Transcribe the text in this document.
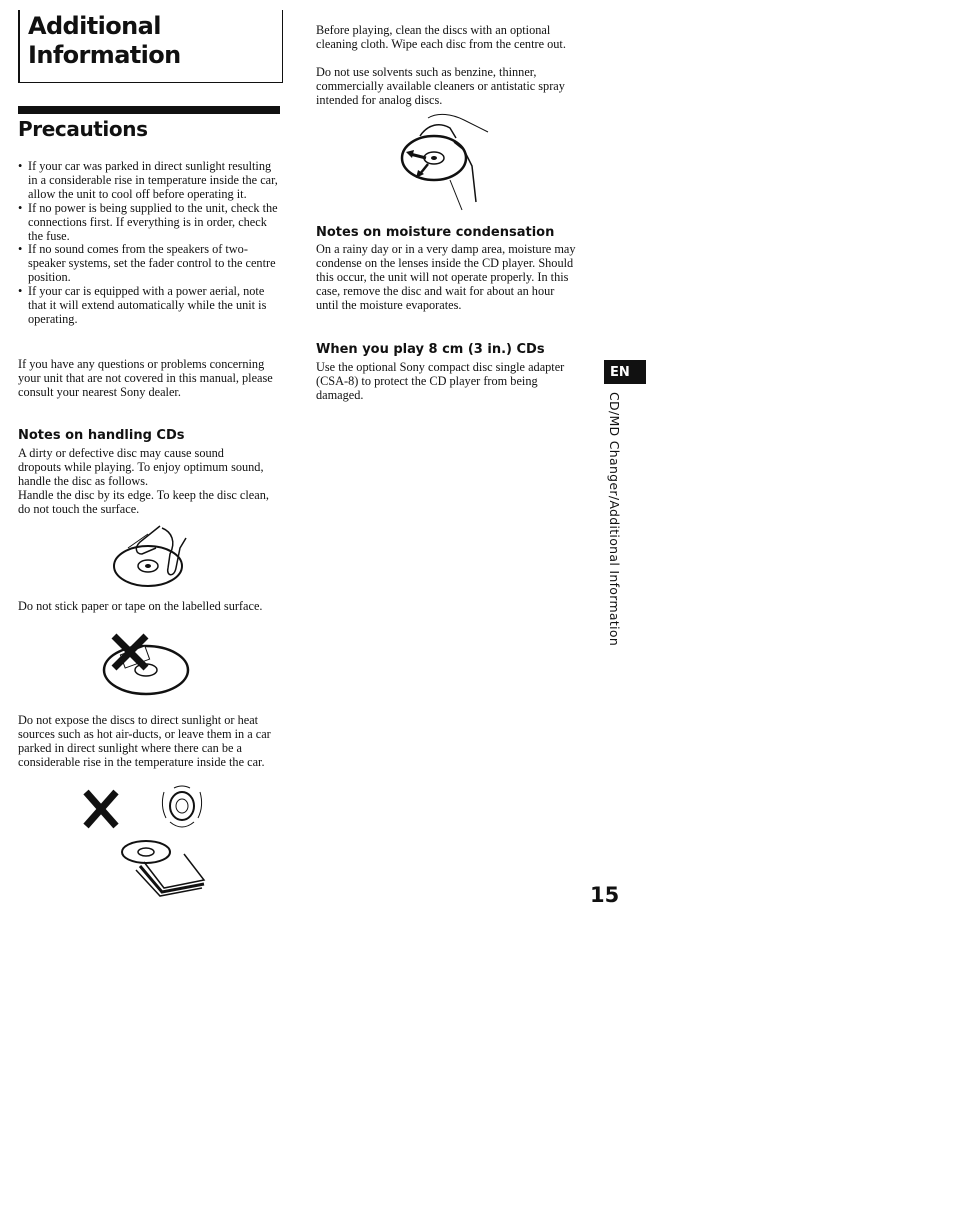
Additional
Information
Precautions
• If your car was parked in direct sunlight resulting in a considerable rise in temperature inside the car, allow the unit to cool off before operating it.
• If no power is being supplied to the unit, check the connections first. If everything is in order, check the fuse.
• If no sound comes from the speakers of two-speaker systems, set the fader control to the centre position.
• If your car is equipped with a power aerial, note that it will extend automatically while the unit is operating.

If you have any questions or problems concerning your unit that are not covered in this manual, please consult your nearest Sony dealer.

Notes on handling CDs

A dirty or defective disc may cause sound dropouts while playing. To enjoy optimum sound, handle the disc as follows.

Handle the disc by its edge. To keep the disc clean, do not touch the surface.

Do not stick paper or tape on the labelled surface.

Do not expose the discs to direct sunlight or heat sources such as hot air-ducts, or leave them in a car parked in direct sunlight where there can be a considerable rise in the temperature inside the car.

Before playing, clean the discs with an optional cleaning cloth. Wipe each disc from the centre out.

Do not use solvents such as benzine, thinner, commercially available cleaners or antistatic spray intended for analog discs.

Notes on moisture condensation

On a rainy day or in a very damp area, moisture may condense on the lenses inside the CD player. Should this occur, the unit will not operate properly. In this case, remove the disc and wait for about an hour until the moisture evaporates.

When you play 8 cm (3 in.) CDs

Use the optional Sony compact disc single adapter (CSA-8) to protect the CD player from being damaged.

EN
CD/MD Changer/Additional Information
15
